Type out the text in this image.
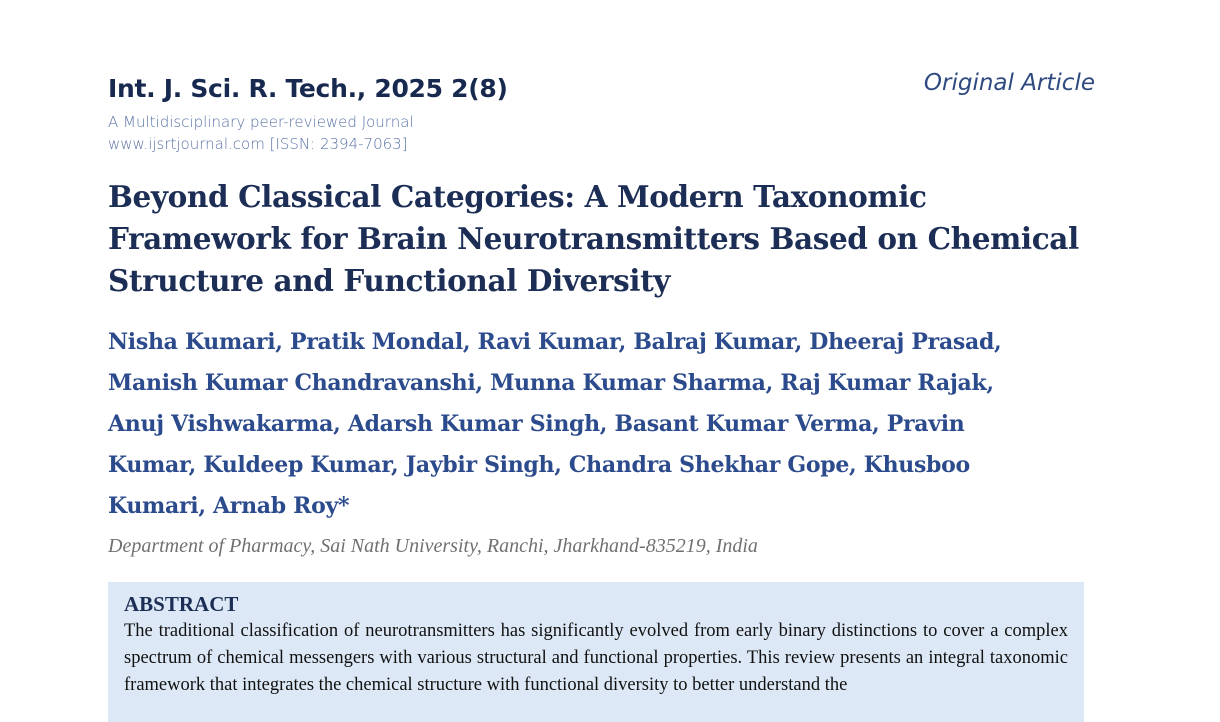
Int. J. Sci. R. Tech., 2025 2(8)	Original Article
A Multidisciplinary peer-reviewed Journal
www.ijsrtjournal.com [ISSN: 2394-7063]
Beyond Classical Categories: A Modern Taxonomic Framework for Brain Neurotransmitters Based on Chemical Structure and Functional Diversity

Nisha Kumari, Pratik Mondal, Ravi Kumar, Balraj Kumar, Dheeraj Prasad, Manish Kumar Chandravanshi, Munna Kumar Sharma, Raj Kumar Rajak, Anuj Vishwakarma, Adarsh Kumar Singh, Basant Kumar Verma, Pravin Kumar, Kuldeep Kumar, Jaybir Singh, Chandra Shekhar Gope, Khusboo Kumari, Arnab Roy*

Department of Pharmacy, Sai Nath University, Ranchi, Jharkhand-835219, India
ABSTRACT

The traditional classification of neurotransmitters has significantly evolved from early binary distinctions to cover a complex spectrum of chemical messengers with various structural and functional properties. This review presents an integral taxonomic framework that integrates the chemical structure with functional diversity to better understand the
